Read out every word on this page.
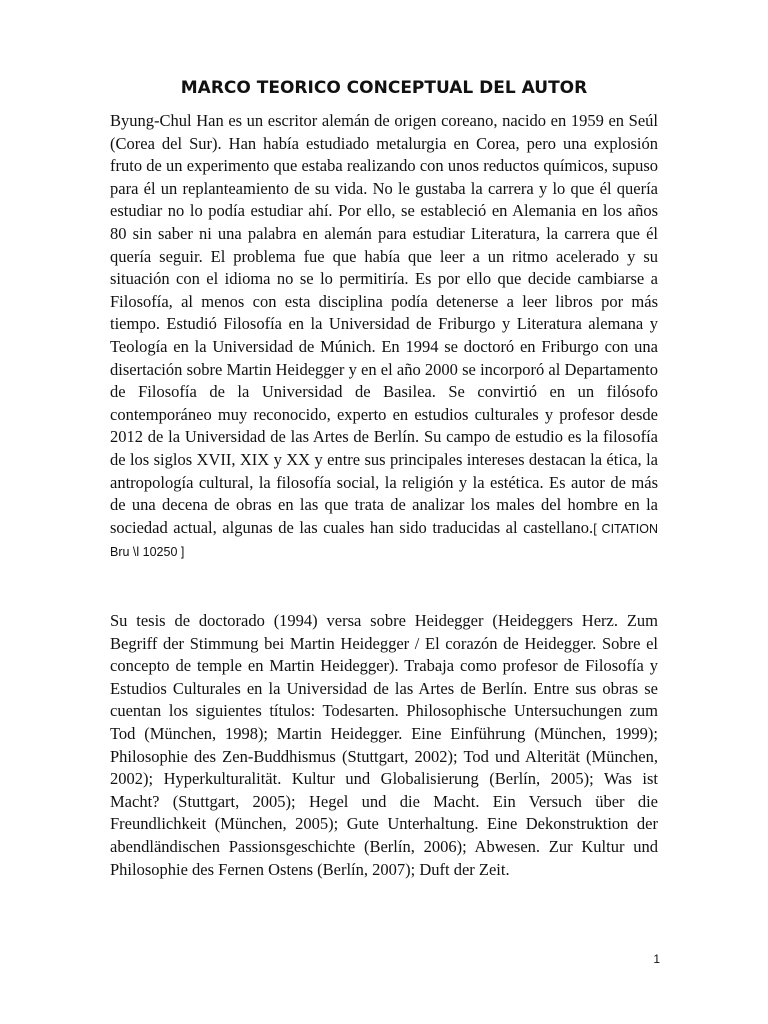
MARCO TEORICO CONCEPTUAL DEL AUTOR

Byung-Chul Han es un escritor alemán de origen coreano, nacido en 1959 en Seúl (Corea del Sur). Han había estudiado metalurgia en Corea, pero una explosión fruto de un experimento que estaba realizando con unos reductos químicos, supuso para él un replanteamiento de su vida. No le gustaba la carrera y lo que él quería estudiar no lo podía estudiar ahí. Por ello, se estableció en Alemania en los años 80 sin saber ni una palabra en alemán para estudiar Literatura, la carrera que él quería seguir. El problema fue que había que leer a un ritmo acelerado y su situación con el idioma no se lo permitiría. Es por ello que decide cambiarse a Filosofía, al menos con esta disciplina podía detenerse a leer libros por más tiempo. Estudió Filosofía en la Universidad de Friburgo y Literatura alemana y Teología en la Universidad de Múnich. En 1994 se doctoró en Friburgo con una disertación sobre Martin Heidegger y en el año 2000 se incorporó al Departamento de Filosofía de la Universidad de Basilea. Se convirtió en un filósofo contemporáneo muy reconocido, experto en estudios culturales y profesor desde 2012 de la Universidad de las Artes de Berlín. Su campo de estudio es la filosofía de los siglos XVII, XIX y XX y entre sus principales intereses destacan la ética, la antropología cultural, la filosofía social, la religión y la estética. Es autor de más de una decena de obras en las que trata de analizar los males del hombre en la sociedad actual, algunas de las cuales han sido traducidas al castellano.[ CITATION Bru \l 10250 ]

Su tesis de doctorado (1994) versa sobre Heidegger (Heideggers Herz. Zum Begriff der Stimmung bei Martin Heidegger / El corazón de Heidegger. Sobre el concepto de temple en Martin Heidegger). Trabaja como profesor de Filosofía y Estudios Culturales en la Universidad de las Artes de Berlín. Entre sus obras se cuentan los siguientes títulos: Todesarten. Philosophische Untersuchungen zum Tod (München, 1998); Martin Heidegger. Eine Einführung (München, 1999); Philosophie des Zen-Buddhismus (Stuttgart, 2002); Tod und Alterität (München, 2002); Hyperkulturalität. Kultur und Globalisierung (Berlín, 2005); Was ist Macht? (Stuttgart, 2005); Hegel und die Macht. Ein Versuch über die Freundlichkeit (München, 2005); Gute Unterhaltung. Eine Dekonstruktion der abendländischen Passionsgeschichte (Berlín, 2006); Abwesen. Zur Kultur und Philosophie des Fernen Ostens (Berlín, 2007); Duft der Zeit.

1
